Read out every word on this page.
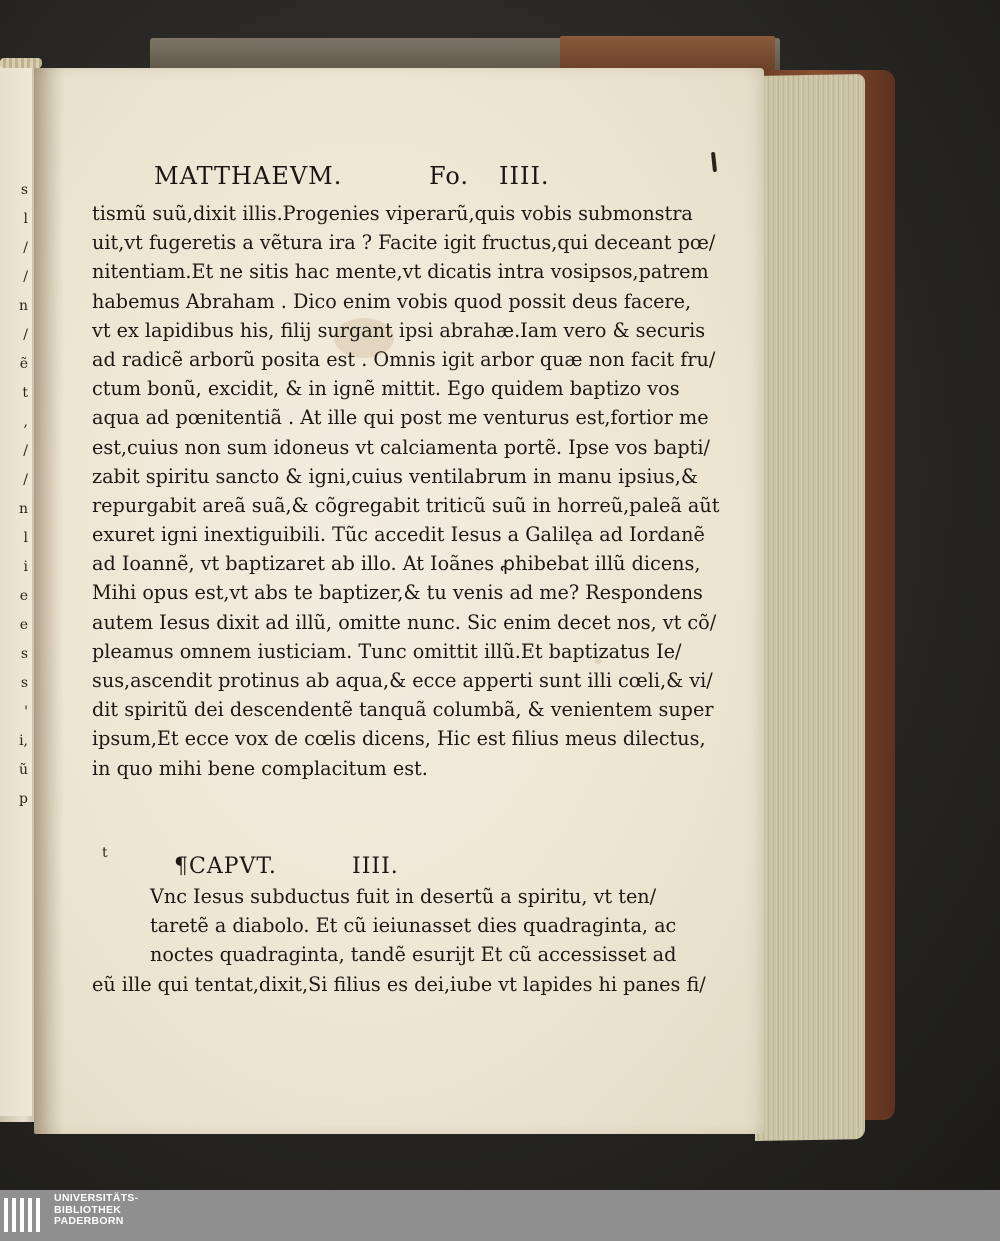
s
l
/
/
n
/
ẽ
t
,
/
/
n
l
i
e
e
s
s
'
i,
ũ
p
MATTHAEVM.	Fo. IIII.
tismũ suũ,dixit illis.Progenies viperarũ,quis vobis submonstra
uit,vt fugeretis a vẽtura ira ? Facite igit fructus,qui deceant pœ/
nitentiam.Et ne sitis hac mente,vt dicatis intra vosipsos,patrem
habemus Abraham . Dico enim vobis quod possit deus facere,
vt ex lapidibus his, filij surgant ipsi abrahæ.Iam vero & securis
ad radicẽ arborũ posita est . Omnis igit arbor quæ non facit fru/
ctum bonũ, excidit, & in ignẽ mittit. Ego quidem baptizo vos
aqua ad pœnitentiã . At ille qui post me venturus est,fortior me
est,cuius non sum idoneus vt calciamenta portẽ. Ipse vos bapti/
zabit spiritu sancto & igni,cuius ventilabrum in manu ipsius,&
repurgabit areã suã,& cõgregabit triticũ suũ in horreũ,paleã aũt
exuret igni inextiguibili. Tũc accedit Iesus a Galilęa ad Iordanẽ
ad Ioannẽ, vt baptizaret ab illo. At Ioãnes ꝓhibebat illũ dicens,
Mihi opus est,vt abs te baptizer,& tu venis ad me? Respondens
autem Iesus dixit ad illũ, omitte nunc. Sic enim decet nos, vt cõ/
pleamus omnem iusticiam. Tunc omittit illũ.Et baptizatus Ie/
sus,ascendit protinus ab aqua,& ecce apperti sunt illi cœli,& vi/
dit spiritũ dei descendentẽ tanquã columbã, & venientem super
ipsum,Et ecce vox de cœlis dicens, Hic est filius meus dilectus,
in quo mihi bene complacitum est.
¶CAPVT.	IIII.
Vnc Iesus subductus fuit in desertũ a spiritu, vt ten/
taretẽ a diabolo. Et cũ ieiunasset dies quadraginta, ac
noctes quadraginta, tandẽ esurijt Et cũ accessisset ad
eũ ille qui tentat,dixit,Si filius es dei,iube vt lapides hi panes fi/
t
UNIVERSITÄTS-
BIBLIOTHEK
PADERBORN
